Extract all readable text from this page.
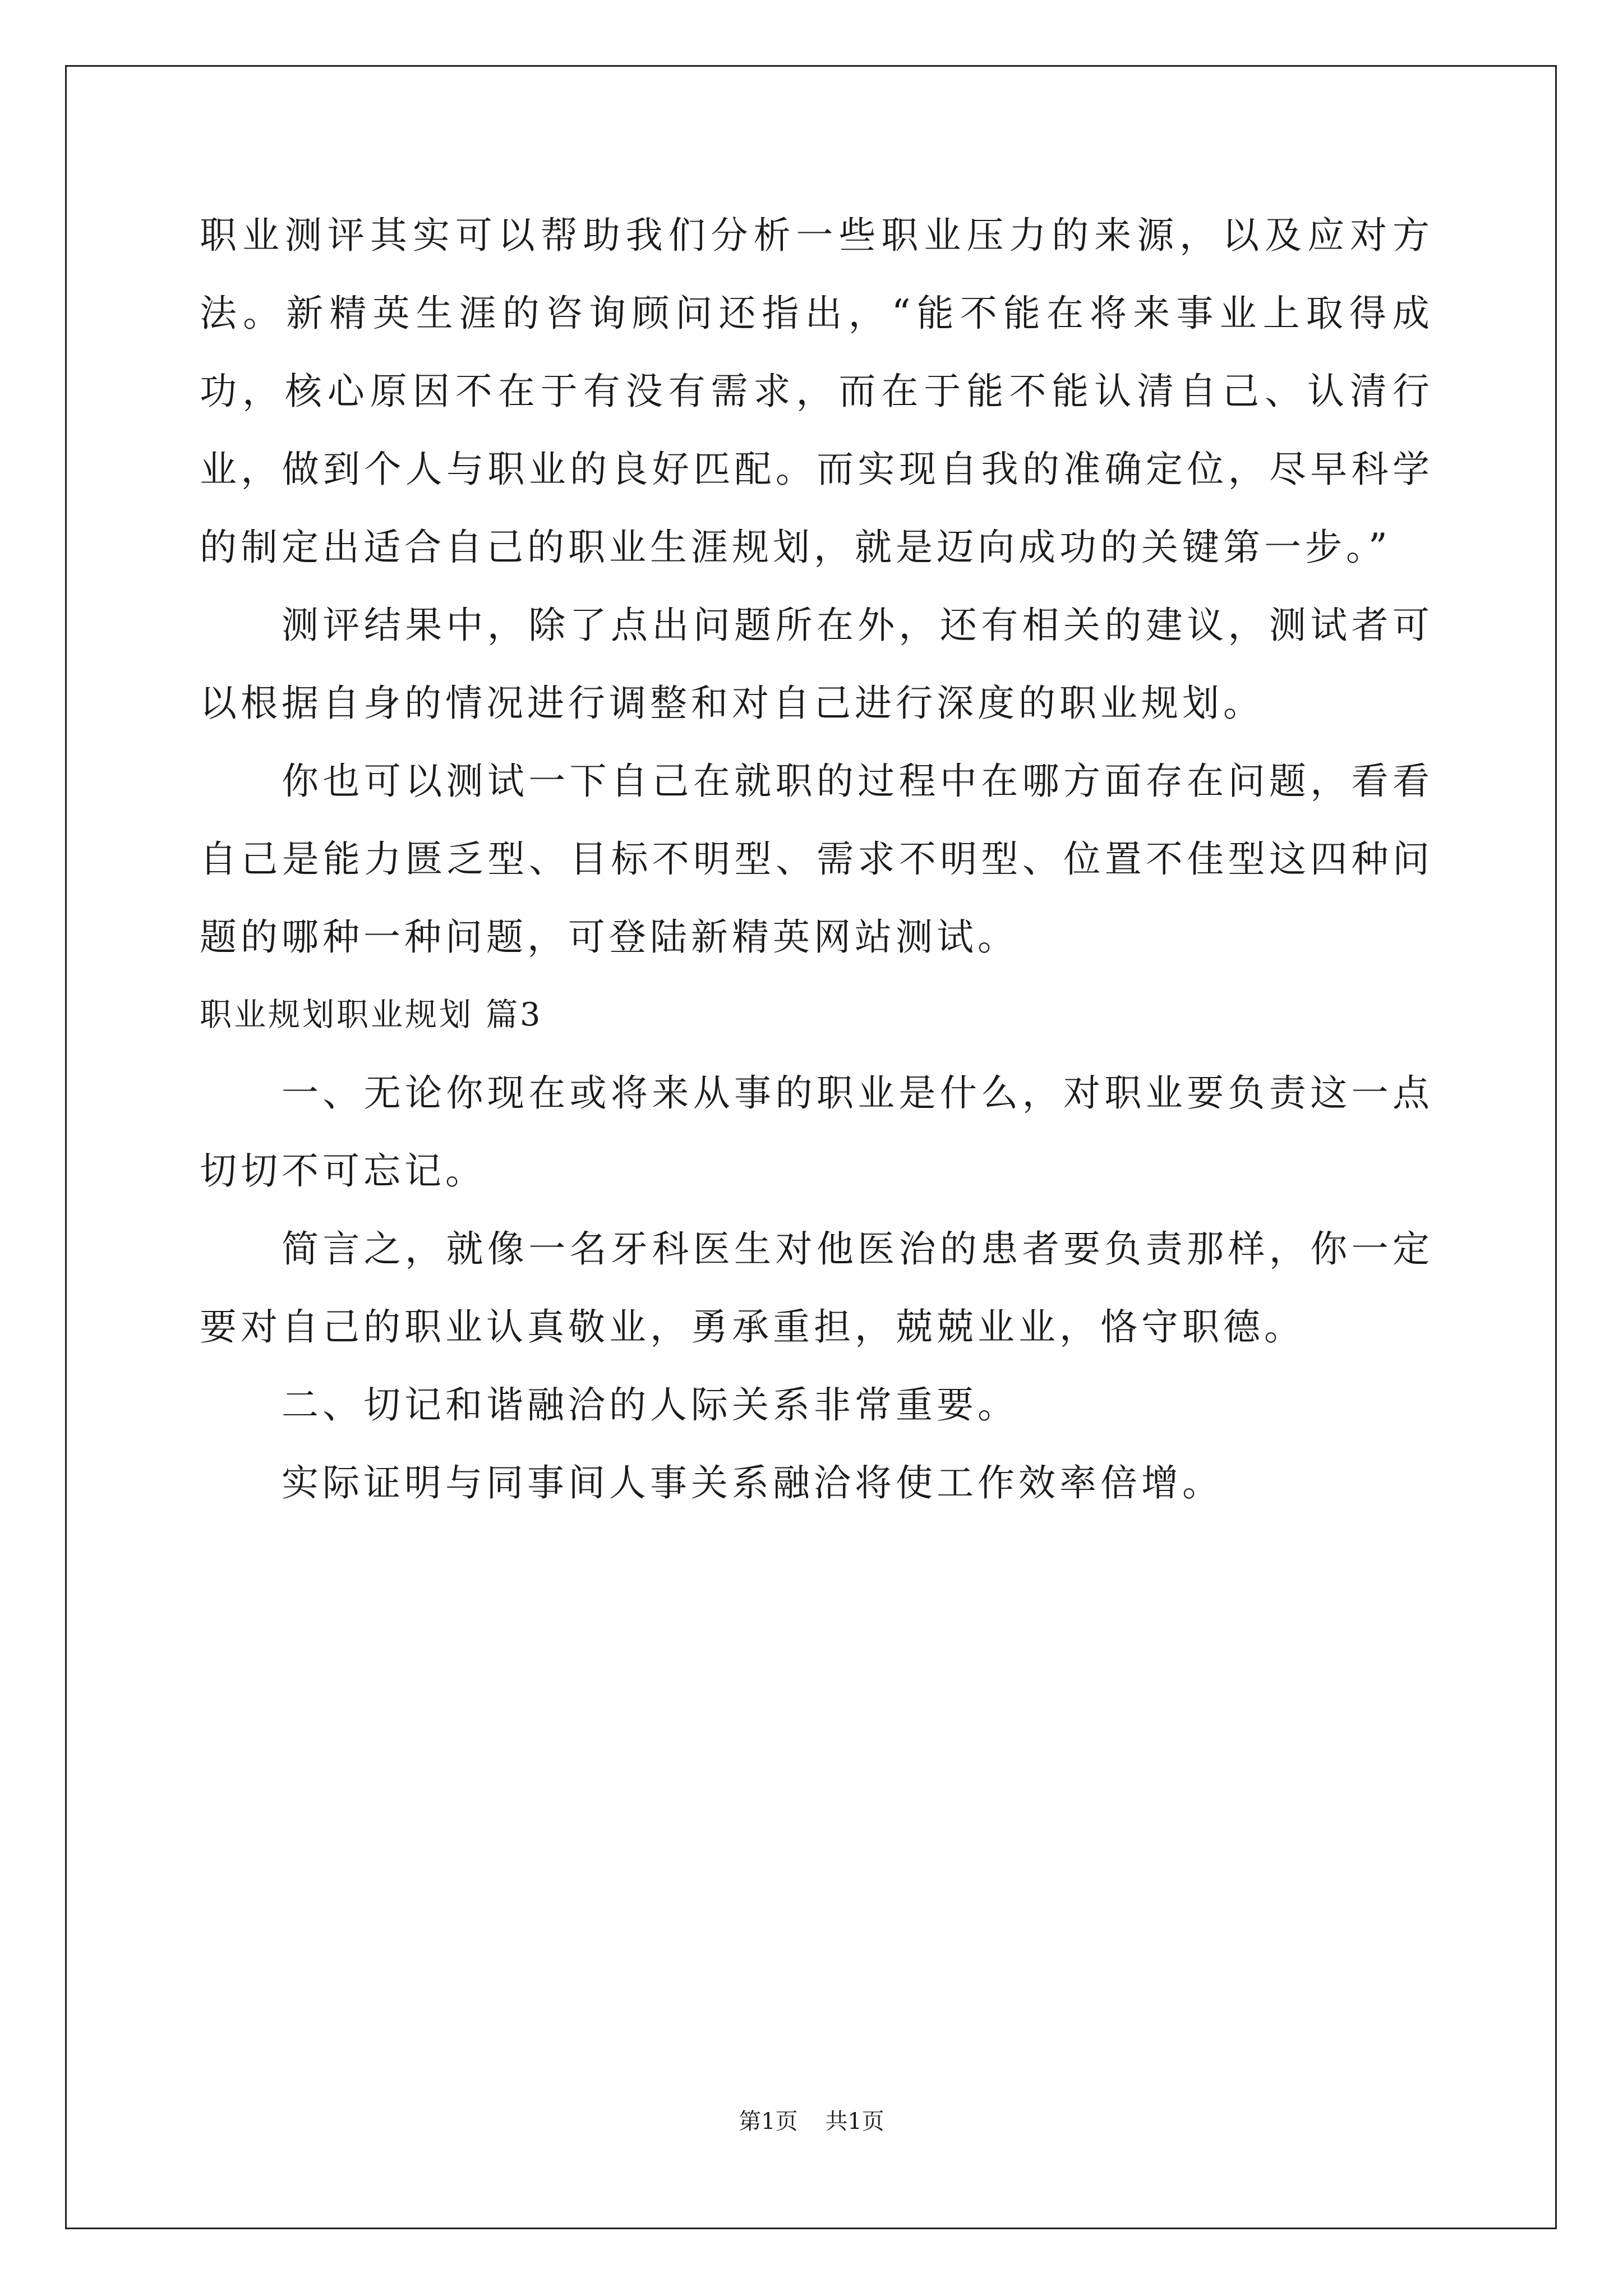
职业测评其实可以帮助我们分析一些职业压力的来源，以及应对方法。新精英生涯的咨询顾问还指出，“能不能在将来事业上取得成功，核心原因不在于有没有需求，而在于能不能认清自己、认清行业，做到个人与职业的良好匹配。而实现自我的准确定位，尽早科学的制定出适合自己的职业生涯规划，就是迈向成功的关键第一步。”

测评结果中，除了点出问题所在外，还有相关的建议，测试者可以根据自身的情况进行调整和对自己进行深度的职业规划。

你也可以测试一下自己在就职的过程中在哪方面存在问题，看看自己是能力匮乏型、目标不明型、需求不明型、位置不佳型这四种问题的哪种一种问题，可登陆新精英网站测试。

职业规划职业规划 篇3

一、无论你现在或将来从事的职业是什么，对职业要负责这一点切切不可忘记。

简言之，就像一名牙科医生对他医治的患者要负责那样，你一定要对自己的职业认真敬业，勇承重担，兢兢业业，恪守职德。

二、切记和谐融洽的人际关系非常重要。

实际证明与同事间人事关系融洽将使工作效率倍增。

第1页 共1页
